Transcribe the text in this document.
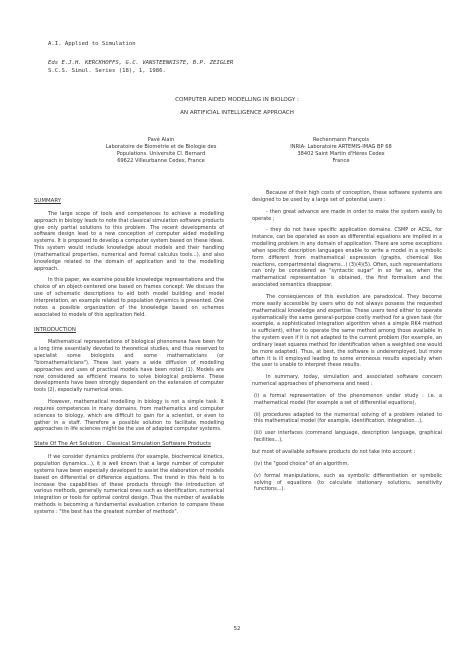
A.I. Applied to Simulation
Eds E.J.H. KERCKHOFFS, G.C. VANSTEENKISTE, B.P. ZEIGLER
S.C.S. Simul. Series (18), 1, 1986.
COMPUTER AIDED MODELLING IN BIOLOGY :
AN ARTIFICIAL INTELLIGENCE APPROACH
Pavé Alain
Laboratoire de Biométrie et de Biologie des
Populations. Université Cl. Bernard
69622 Villeurbanne Cedex, France
Rechenmann François
INRIA- Laboratoire ARTEMIS-IMAG BP 68
38402 Saint Martin d'Hères Cedex
France
SUMMARY

The large scope of tools and competences to achieve a modelling approach in biology leads to note that classical simulation software products give only partial solutions to this problem. The recent developments of software design lead to a new conception of computer aided modelling systems. It is proposed to develop a computer system based on these ideas. This system would include knowledge about models and their handling (mathematical properties, numerical and formal calculus tools...), and also knowledge related to the domain of application and to the modelling approach.

In this paper, we examine possible knowledge representations and the choice of an object-centered one based on frames concept. We discuss the use of schematic descriptions to aid both model building and model interpretation, an example related to population dynamics is presented. One notes a possible organization of the knowledge based on schemes associated to models of this application field.

INTRODUCTION

Mathematical representations of biological phenomena have been for a long time essentially devoted to theoretical studies, and thus reserved to specialist some biologists and some mathematicians (or "biomathematicians"). These last years a wide diffusion of modelling approaches and uses of practical models have been noted (1). Models are now considered as efficient means to solve biological problems. These developments have been strongly dependent on the extension of computer tools (2), especially numerical ones.

However, mathematical modelling in biology is not a simple task. It requires competences in many domains, from mathematics and computer sciences to biology, which are difficult to gain for a scientist, or even to gather in a staff. Therefore a possible solution to facilitate modelling approaches in life sciences might be the use of adapted computer systems.

State Of The Art Solution : Classical Simulation Software Products

If we consider dynamics problems (for example, biochemical kinetics, population dynamics...), it is well known that a large number of computer systems have been especially developed to assist the elaboration of models based on differential or difference equations. The trend in this field is to increase the capabilities of these products through the introduction of various methods, generally numerical ones such as identification, numerical integration or tools for optimal control design. Thus the number of available methods is becoming a fundamental evaluation criterion to compare these systems : "the best has the greatest number of methods".

Because of their high costs of conception, these software systems are designed to be used by a large set of potential users :

- then great advance are made in order to make the system easily to operate ;

- they do not have specific application domains. CSMP or ACSL, for instance, can be operated as soon as differential equations are implied in a modelling problem in any domain of application. There are some exceptions when specific description languages enable to write a model in a symbolic form different from mathematical expression (graphs, chemical like reactions, compartmental diagrams...) (3)(4)(5). Often, such representations can only be considered as "syntactic sugar" in so far as, when the mathematical representation is obtained, the first formalism and the associated semantics disappear.

The consequences of this evolution are paradoxical. They become more easily accessible by users who do not always possess the requested mathematical knowledge and expertise. These users tend either to operate systematically the same general-purpose costly method for a given task (for example, a sophisticated integration algorithm when a simple RK4 method is sufficient), either to operate the same method among those available in the system even if it is not adapted to the current problem (for example, an ordinary least squares method for identification when a weighted one would be more adapted). Thus, at best, the software is underemployed, but more often it is ill employed leading to some erroneous results especially when the user is unable to interpret these results.

In summary, today, simulation and associated software concern numerical approaches of phenomena and need :

(i) a formal representation of the phenomenon under study : i.e. a mathematical model (for example a set of differential equations),

(ii) procedures adapted to the numerical solving of a problem related to this mathematical model (for example, identification, integration...),

(iii) user interfaces (command language, description language, graphical facilities...),

but most of available software products do not take into account :

(iv) the "good choice" of an algorithm,

(v) formal manipulations, such as symbolic differentiation or symbolic solving of equations (to calculate stationary solutions, sensitivity functions...).

52
